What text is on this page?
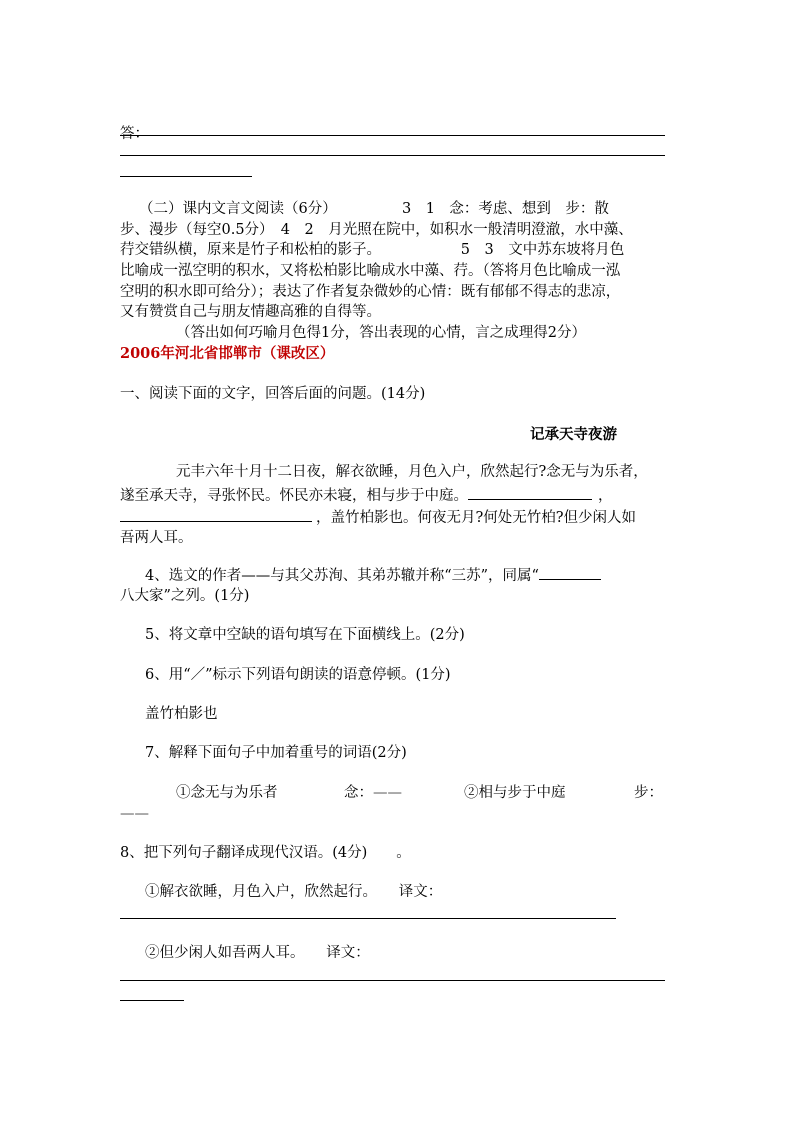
答：
（二）课内文言文阅读（6分）　　　　　3　1　念：考虑、想到　步：散
步、漫步（每空0.5分）　4　2　月光照在院中，如积水一般清明澄澈，水中藻、
荇交错纵横，原来是竹子和松柏的影子。　　　　　　5　3　文中苏东坡将月色
比喻成一泓空明的积水，又将松柏影比喻成水中藻、荇。（答将月色比喻成一泓
空明的积水即可给分）；表达了作者复杂微妙的心情：既有郁郁不得志的悲凉，
又有赞赏自己与朋友情趣高雅的自得等。
（答出如何巧喻月色得1分，答出表现的心情，言之成理得2分）
2006年河北省邯郸市（课改区）
一、阅读下面的文字，回答后面的问题。(14分)
记承天寺夜游
元丰六年十月十二日夜，解衣欲睡，月色入户，欣然起行?念无与为乐者，
遂至承天寺，寻张怀民。怀民亦未寝，相与步于中庭。	，
，盖竹柏影也。何夜无月?何处无竹柏?但少闲人如
吾两人耳。
4、选文的作者——与其父苏洵、其弟苏辙并称“三苏”，同属“
八大家”之列。(1分)
5、将文章中空缺的语句填写在下面横线上。(2分)
6、用“／”标示下列语句朗读的语意停顿。(1分)
盖竹柏影也
7、解释下面句子中加着重号的词语(2分)
①念无与为乐者	念：——	②相与步于中庭	步：
——
8、把下列句子翻译成现代汉语。(4分)　　。
①解衣欲睡，月色入户，欣然起行。　　译文：
②但少闲人如吾两人耳。　　译文：
